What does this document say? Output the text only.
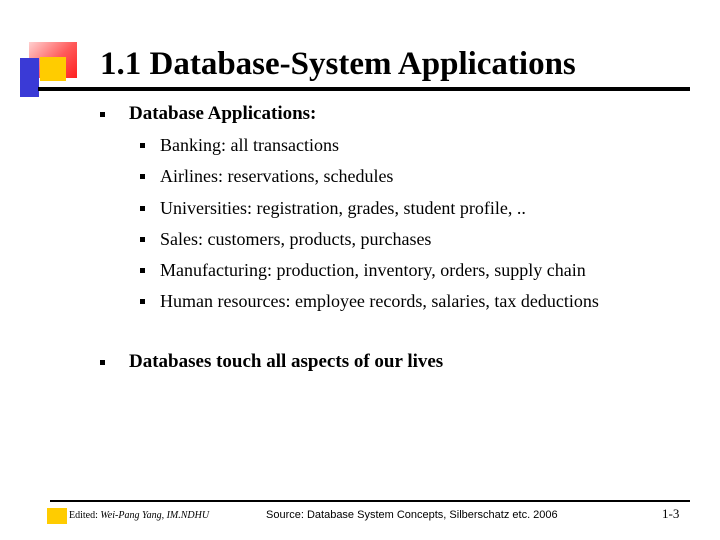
1.1 Database-System Applications
Database Applications:
Banking: all transactions
Airlines: reservations, schedules
Universities: registration, grades, student profile, ..
Sales: customers, products, purchases
Manufacturing: production, inventory, orders, supply chain
Human resources: employee records, salaries, tax deductions
Databases touch all aspects of our lives
Edited: Wei-Pang Yang, IM.NDHU	Source: Database System Concepts, Silberschatz etc. 2006	1-3
